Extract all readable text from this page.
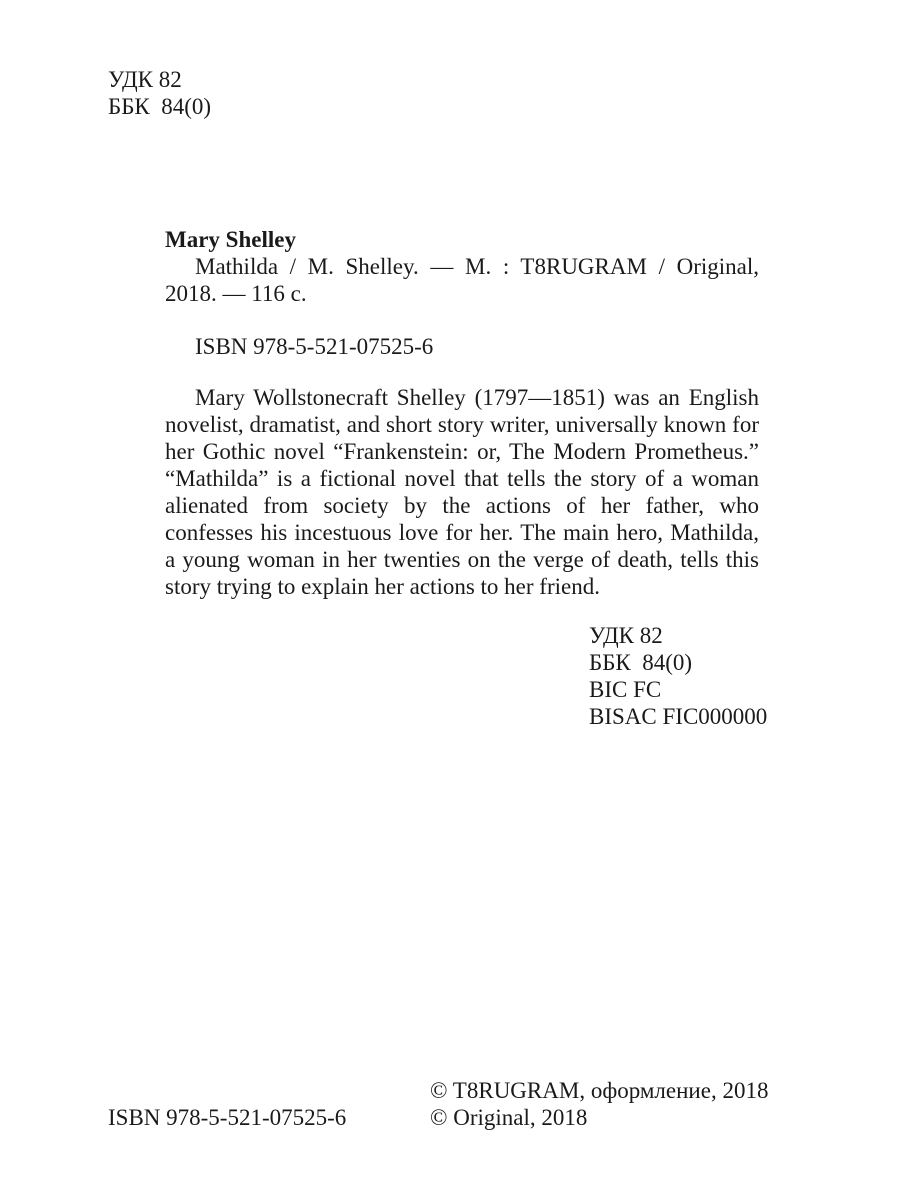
УДК 82
ББК  84(0)
Mary Shelley
Mathilda / M. Shelley. — M. : T8RUGRAM / Original,
2018. — 116 с.
ISBN 978-5-521-07525-6
Mary Wollstonecraft Shelley (1797—1851) was an English novelist, dramatist, and short story writer, universally known for her Gothic novel “Frankenstein: or, The Modern Prometheus.” “Mathilda” is a fictional novel that tells the story of a woman alienated from society by the actions of her father, who confesses his incestuous love for her. The main hero, Mathilda, a young woman in her twenties on the verge of death, tells this story trying to explain her actions to her friend.
УДК 82
ББК  84(0)
BIC FC
BISAC FIC000000
ISBN 978-5-521-07525-6
© T8RUGRAM, оформление, 2018
© Original, 2018
